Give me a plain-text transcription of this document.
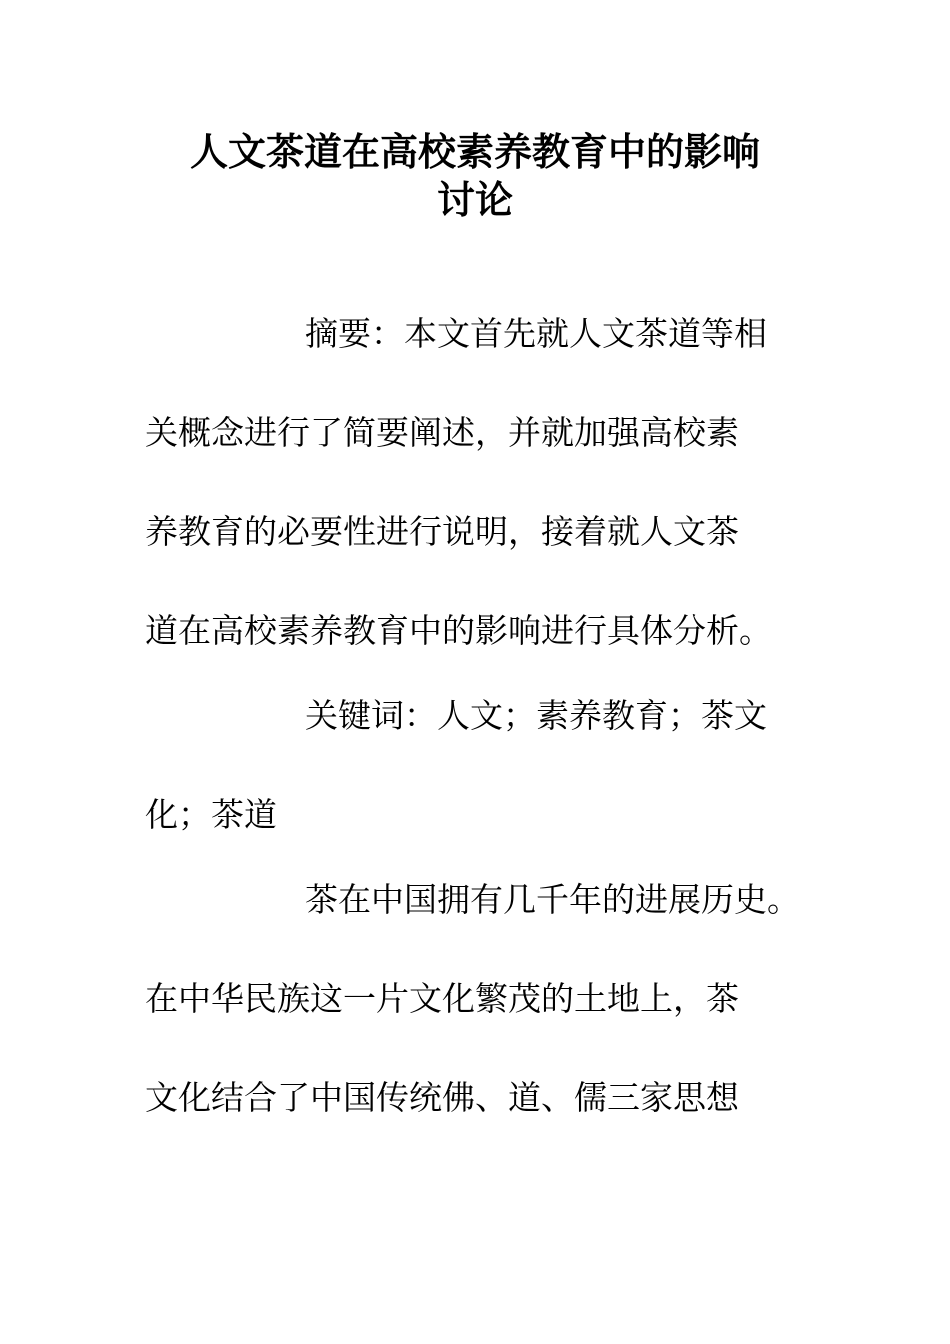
人文茶道在高校素养教育中的影响
讨论

摘要：本文首先就人文茶道等相

关概念进行了简要阐述，并就加强高校素

养教育的必要性进行说明，接着就人文茶

道在高校素养教育中的影响进行具体分析。

关键词：人文；素养教育；茶文

化；茶道

茶在中国拥有几千年的进展历史。

在中华民族这一片文化繁茂的土地上，茶

文化结合了中国传统佛、道、儒三家思想
